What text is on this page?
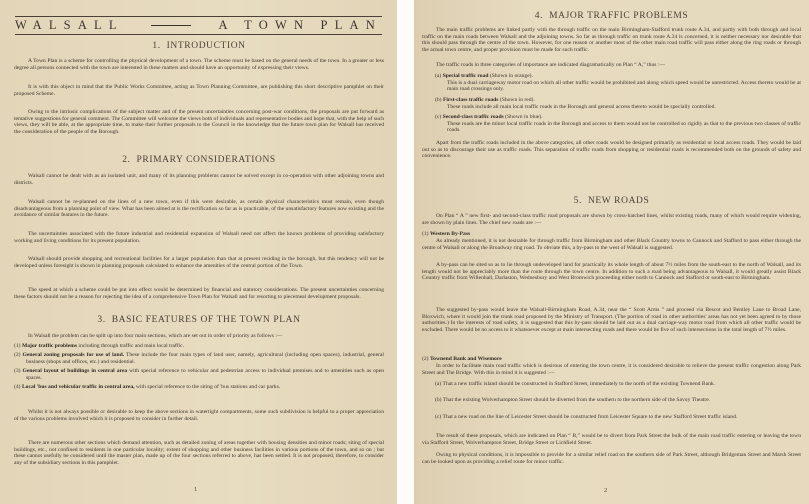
WALSALL	A TOWN PLAN
1. INTRODUCTION

A Town Plan is a scheme for controlling the physical development of a town. The scheme must be based on the general needs of the town. In a greater or less degree all persons connected with the town are interested in these matters and should have an opportunity of expressing their views.

It is with this object in mind that the Public Works Committee, acting as Town Planning Committee, are publishing this short descriptive pamphlet on their proposed Scheme.

Owing to the intrinsic complications of the subject matter and of the present uncertainties concerning post-war conditions, the proposals are put forward as tentative suggestions for general comment. The Committee will welcome the views both of individuals and representative bodies and hope that, with the help of such views, they will be able, at the appropriate time, to make their further proposals to the Council in the knowledge that the future town plan for Walsall has received the consideration of the people of the Borough.

2. PRIMARY CONSIDERATIONS

Walsall cannot be dealt with as an isolated unit, and many of its planning problems cannot be solved except in co-operation with other adjoining towns and districts.

Walsall cannot be re-planned on the lines of a new town, even if this were desirable, as certain physical characteristics must remain, even though disadvantageous from a planning point of view. What has been aimed at is the rectification so far as is practicable, of the unsatisfactory features now existing and the avoidance of similar features in the future.

The uncertainties associated with the future industrial and residential expansion of Walsall need not affect the known problems of providing satisfactory working and living conditions for its present population.

Walsall should provide shopping and recreational facilities for a larger population than that at present residing in the borough, but this tendency will not be developed unless foresight is shown in planning proposals calculated to enhance the amenities of the central portion of the Town.

The speed at which a scheme could be put into effect would be determined by financial and statutory considerations. The present uncertainties concerning these factors should not be a reason for rejecting the idea of a comprehensive Town Plan for Walsall and for resorting to piecemeal development proposals.

3. BASIC FEATURES OF THE TOWN PLAN

In Walsall the problem can be split up into four main sections, which are set out in order of priority as follows :—

(1) Major traffic problems including through traffic and main local traffic.
(2) General zoning proposals for use of land. These include the four main types of land user, namely, agricultural (including open spaces), industrial, general business (shops and offices, etc.) and residential.
(3) General layout of buildings in central area with special reference to vehicular and pedestrian access to individual premises and to amenities such as open spaces.
(4) Local 'bus and vehicular traffic in central area, with special reference to the siting of 'bus stations and car parks.

Whilst it is not always possible or desirable to keep the above sections in watertight compartments, some such subdivision is helpful to a proper appreciation of the various problems involved which it is proposed to consider in further detail.

There are numerous other sections which demand attention, such as detailed zoning of areas together with housing densities and minor roads; siting of special buildings, etc., not confined to residents in one particular locality; extent of shopping and other business facilities in various portions of the town, and so on ; but these cannot usefully be considered until the master plan, made up of the four sections referred to above, has been settled. It is not proposed, therefore, to consider any of the subsidiary sections in this pamphlet.

1
4. MAJOR TRAFFIC PROBLEMS

The main traffic problems are linked partly with the through traffic on the main Birmingham-Stafford trunk route A.34, and partly with both through and local traffic on the main roads between Walsall and the adjoining towns. So far as through traffic on trunk route A.34 is concerned, it is neither necessary nor desirable that this should pass through the centre of the town. However, for one reason or another most of the other main road traffic will pass either along the ring roads or through the actual town centre, and proper provision must be made for such traffic.

The traffic roads in three categories of importance are indicated diagramatically on Plan “ A,” thus :—

(a) Special traffic road (Shown in orange).
This is a dual carriageway motor road on which all other traffic would be prohibited and along which speed would be unrestricted. Access thereto would be at main road crossings only.
(b) First-class traffic roads (Shown in red).
These roads include all main local traffic roads in the Borough and general access thereto would be specially controlled.
(c) Second-class traffic roads (Shown in blue).
These roads are the minor local traffic roads in the Borough and access to them would not be controlled so rigidly as that to the previous two classes of traffic roads.

Apart from the traffic roads included in the above categories, all other roads would be designed primarily as residential or local access roads. They would be laid out so as to discourage their use as traffic roads. This separation of traffic roads from shopping or residential roads is recommended both on the grounds of safety and convenience.

5. NEW ROADS

On Plan “ A ” new first- and second-class traffic road proposals are shown by cross-hatched lines, whilst existing roads, many of which would require widening, are shown by plain lines. The chief new roads are :—

(1) Western By-Pass

As already mentioned, it is not desirable for through traffic from Birmingham and other Black Country towns to Cannock and Stafford to pass either through the centre of Walsall or along the Broadway ring road. To obviate this, a by-pass to the west of Walsall is suggested.

A by-pass can be sited so as to lie through undeveloped land for practically its whole length of about 7½ miles from the south-east to the north of Walsall, and its length would not be appreciably more than the route through the town centre. In addition to such a road being advantageous to Walsall, it would greatly assist Black Country traffic from Willenhall, Darlaston, Wednesbury and West Bromwich proceeding either north to Cannock and Stafford or south-east to Birmingham.

The suggested by-pass would leave the Walsall-Birmingham Road, A.34, near the “ Scott Arms ” and proceed via Bescot and Bentley Lane to Broad Lane, Bloxwich, where it would join the trunk road proposed by the Ministry of Transport. (The portion of road in other authorities' areas has not yet been agreed to by those authorities.) In the interests of road safety, it is suggested that this by-pass should be laid out as a dual carriage-way motor road from which all other traffic would be excluded. There would be no access to it whatsoever except at main intersecting roads and there would be five of such intersections in the total length of 7½ miles.

(2) Townend Bank and Wisemore

In order to facilitate main road traffic which is desirous of entering the town centre, it is considered desirable to relieve the present traffic congestion along Park Street and The Bridge. With this in mind it is suggested :—

(a) That a new traffic island should be constructed in Stafford Street, immediately to the north of the existing Townend Bank.
(b) That the existing Wolverhampton Street should be diverted from the southern to the northern side of the Savoy Theatre.
(c) That a new road on the line of Leicester Street should be constructed from Leicester Square to the new Stafford Street traffic island.

The result of these proposals, which are indicated on Plan “ B,” would be to divert from Park Street the bulk of the main road traffic entering or leaving the town via Stafford Street, Wolverhampton Street, Bridge Street or Lichfield Street.

Owing to physical conditions, it is impossible to provide for a similar relief road on the southern side of Park Street, although Bridgeman Street and Marsh Street can be looked upon as providing a relief route for minor traffic.

2
